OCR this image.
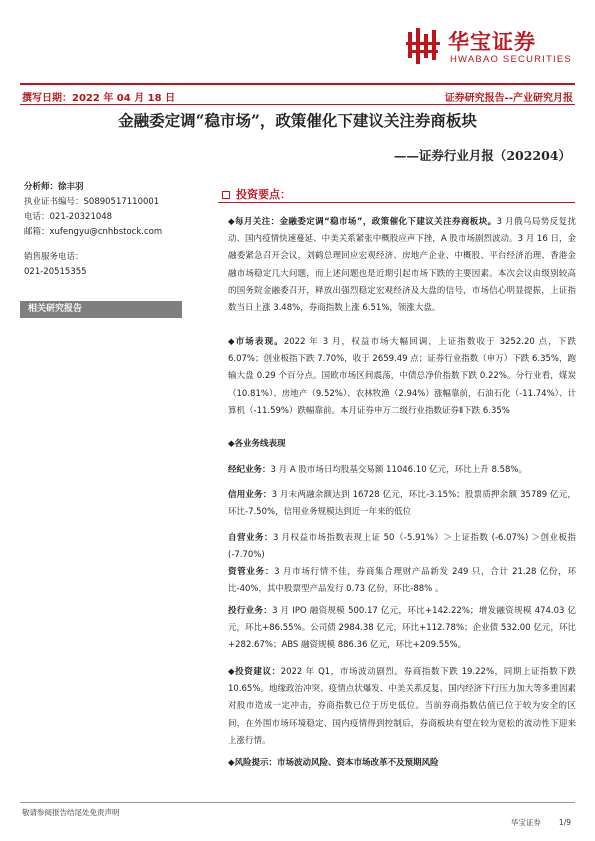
华宝证券
HWABAO SECURITIES
撰写日期：2022 年 04 月 18 日	证券研究报告--产业研究月报
金融委定调“稳市场”，政策催化下建议关注券商板块
——证券行业月报（202204）
分析师：徐丰羽
执业证书编号：S0890517110001
电话：021-20321048
邮箱：xufengyu@cnhbstock.com
销售服务电话：
021-20515355
相关研究报告
投资要点：
◆每月关注：金融委定调“稳市场”，政策催化下建议关注券商板块。3 月俄乌局势反复扰动、国内疫情快速蔓延、中美关系紧张中概股应声下挫，A 股市场剧烈波动。3 月 16 日，金融委紧急召开会议，刘鹤总理回应宏观经济、房地产企业、中概股、平台经济治理、香港金融市场稳定几大问题，而上述问题也是近期引起市场下跌的主要因素。本次会议由级别较高的国务院金融委召开，释放出强烈稳定宏观经济及大盘的信号，市场信心明显提振，上证指数当日上涨 3.48%，券商指数上涨 6.51%，领涨大盘。
◆市场表现。2022 年 3 月，权益市场大幅回调，上证指数收于 3252.20 点，下跌 6.07%；创业板指下跌 7.70%，收于 2659.49 点；证券行业指数（申万）下跌 6.35%，跑输大盘 0.29 个百分点。国欧市场区间震荡，中债总净价指数下跌 0.22%。分行业看，煤炭（10.81%）、房地产（9.52%）、农林牧渔（2.94%）涨幅靠前，石油石化（-11.74%）、计算机（-11.59%）跌幅靠前。本月证券申万二级行业指数证券Ⅱ下跌 6.35%
◆各业务线表现
经纪业务：3 月 A 股市场日均股基交易额 11046.10 亿元，环比上升 8.58%。
信用业务：3 月末两融余额达到 16728 亿元，环比-3.15%；股票质押余额 35789 亿元，环比-7.50%，信用业务规模达到近一年来的低位
自营业务：3 月权益市场指数表现上证 50（-5.91%）＞上证指数 (-6.07%) ＞创业板指 (-7.70%)
资管业务：3 月市场行情不佳，券商集合理财产品新发 249 只，合计 21.28 亿份，环比-40%，其中股票型产品发行 0.73 亿份，环比-88% 。
投行业务：3 月 IPO 融资规模 500.17 亿元，环比+142.22%；增发融资规模 474.03 亿元，环比+86.55%。公司债 2984.38 亿元，环比+112.78%；企业债 532.00 亿元，环比+282.67%；ABS 融资规模 886.36 亿元，环比+209.55%。
◆投资建议：2022 年 Q1，市场波动剧烈，券商指数下跌 19.22%，同期上证指数下跌 10.65%。地缘政治冲突、疫情点状爆发、中美关系反复、国内经济下行压力加大等多重因素对股市造成一定冲击，券商指数已位于历史低位。当前券商指数估值已位于较为安全的区间，在外围市场环境稳定、国内疫情得到控制后，券商板块有望在较为宽松的流动性下迎来上涨行情。
◆风险提示：市场波动风险、资本市场改革不及预期风险
敬请参阅报告结尾处免责声明
华宝证券 1/9
